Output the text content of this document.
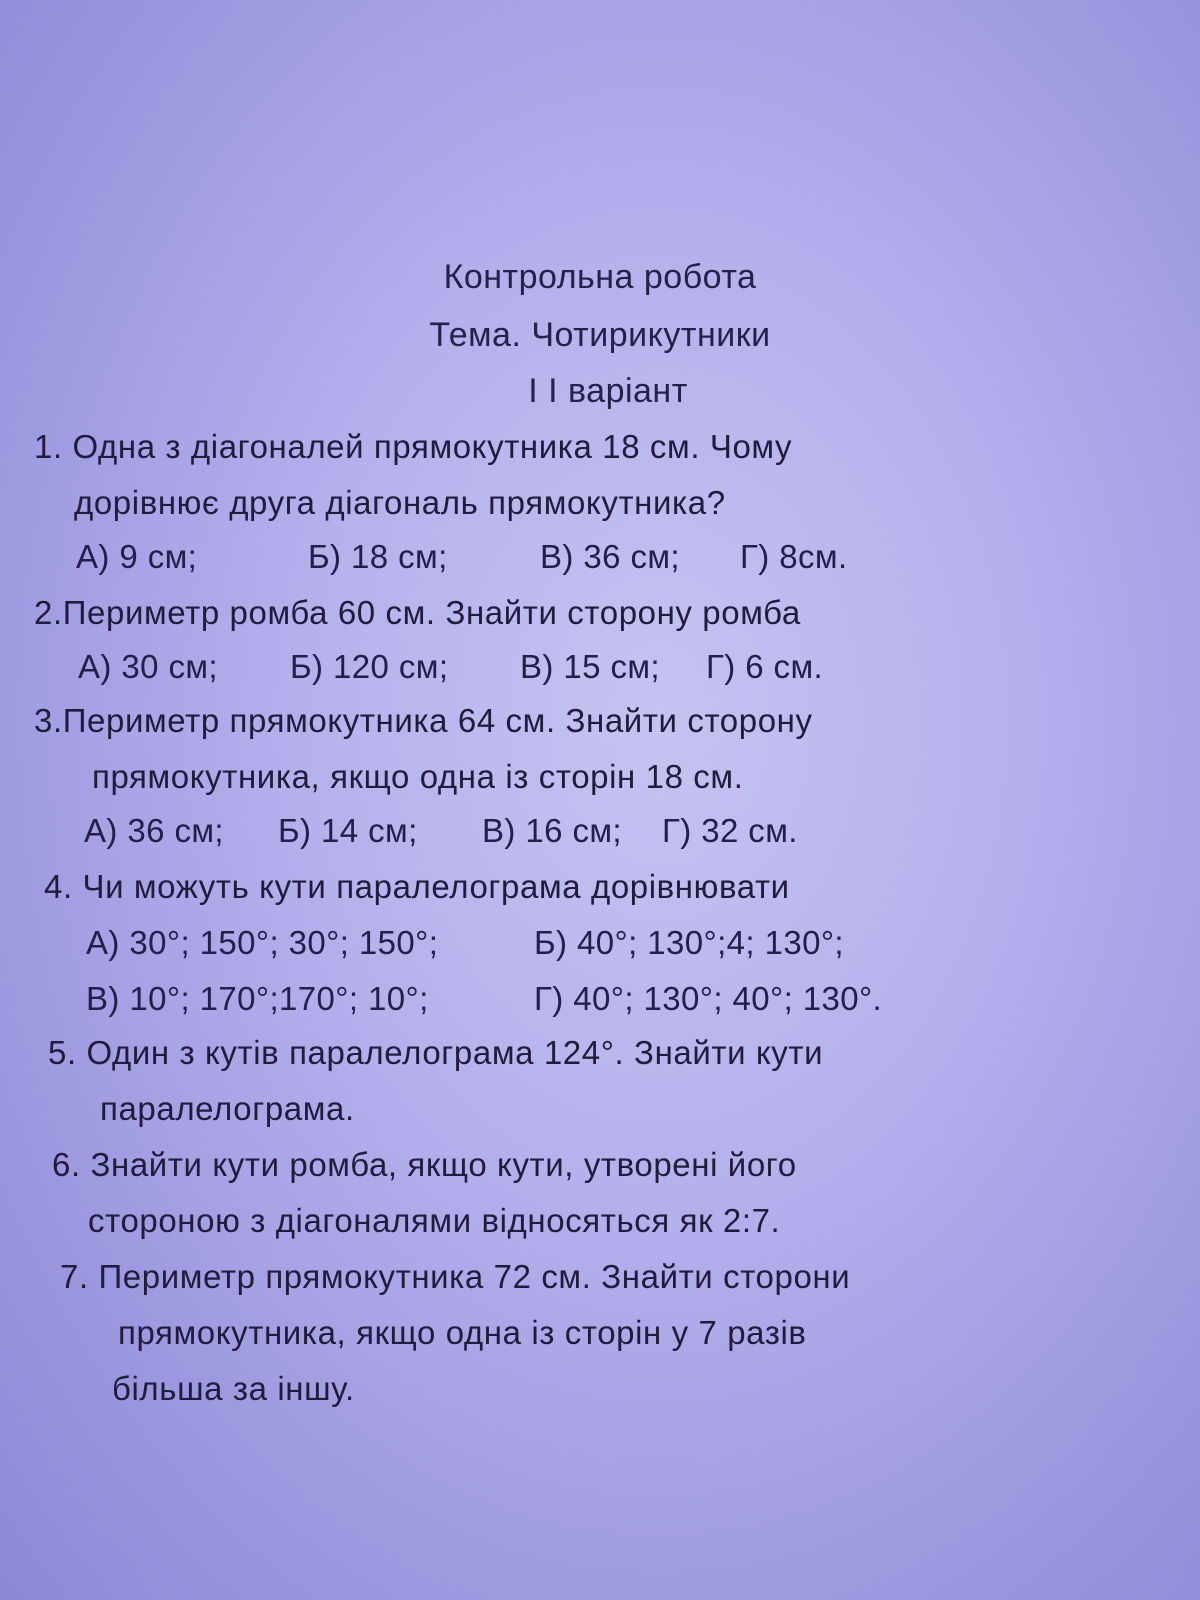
Контрольна робота
Тема. Чотирикутники
І І варіант
1. Одна з діагоналей прямокутника 18 см. Чому
дорівнює друга діагональ прямокутника?
А) 9 см;	Б) 18 см;	В) 36 см; Г) 8см.
2.Периметр ромба 60 см. Знайти сторону ромба
А) 30 см; Б) 120 см; В) 15 см; Г) 6 см.
3.Периметр прямокутника 64 см. Знайти сторону
прямокутника, якщо одна із сторін 18 см.
А) 36 см; Б) 14 см; В) 16 см; Г) 32 см.
4. Чи можуть кути паралелограма дорівнювати
А) 30°; 150°; 30°; 150°;	Б) 40°; 130°;4; 130°;
В) 10°; 170°;170°; 10°;	Г) 40°; 130°; 40°; 130°.
5. Один з кутів паралелограма 124°. Знайти кути
паралелограма.
6. Знайти кути ромба, якщо кути, утворені його
стороною з діагоналями відносяться як 2:7.
7. Периметр прямокутника 72 см. Знайти сторони
прямокутника, якщо одна із сторін у 7 разів
більша за іншу.
